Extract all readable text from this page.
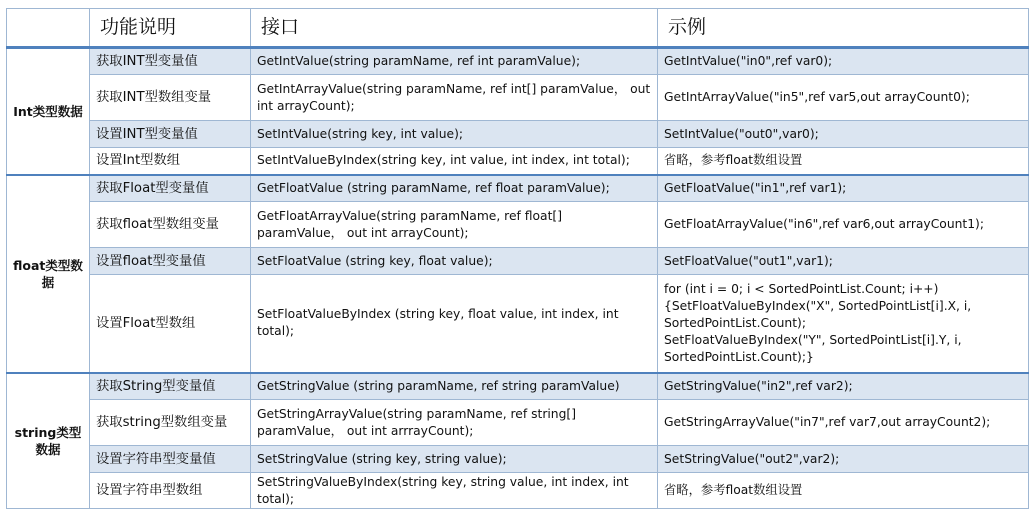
	功能说明	接口	示例
Int类型数据	获取INT型变量值	GetIntValue(string paramName, ref int paramValue);	GetIntValue("in0",ref var0);

	获取INT型数组变量	GetIntArrayValue(string paramName, ref int[] paramValue， out int arrayCount);	GetIntArrayValue("in5",ref var5,out arrayCount0);

	设置INT型变量值	SetIntValue(string key, int value);	SetIntValue("out0",var0);

	设置Int型数组	SetIntValueByIndex(string key, int value, int index, int total);	省略，参考float数组设置

float类型数据	获取Float型变量值	GetFloatValue (string paramName, ref float paramValue);	GetFloatValue("in1",ref var1);

	获取float型数组变量	GetFloatArrayValue(string paramName, ref float[] paramValue， out int arrayCount);	GetFloatArrayValue("in6",ref var6,out arrayCount1);

	设置float型变量值	SetFloatValue (string key, float value);	SetFloatValue("out1",var1);

	设置Float型数组	SetFloatValueByIndex (string key, float value, int index, int total);	for (int i = 0; i < SortedPointList.Count; i++)
{SetFloatValueByIndex("X", SortedPointList[i].X, i,
SortedPointList.Count);
SetFloatValueByIndex("Y", SortedPointList[i].Y, i,
SortedPointList.Count);}

string类型数据	获取String型变量值	GetStringValue (string paramName, ref string paramValue)	GetStringValue("in2",ref var2);

	获取string型数组变量	GetStringArrayValue(string paramName, ref string[] paramValue， out int arrrayCount);	GetStringArrayValue("in7",ref var7,out arrayCount2);

	设置字符串型变量值	SetStringValue (string key, string value);	SetStringValue("out2",var2);

	设置字符串型数组	SetStringValueByIndex(string key, string value, int index, int total);	省略，参考float数组设置
